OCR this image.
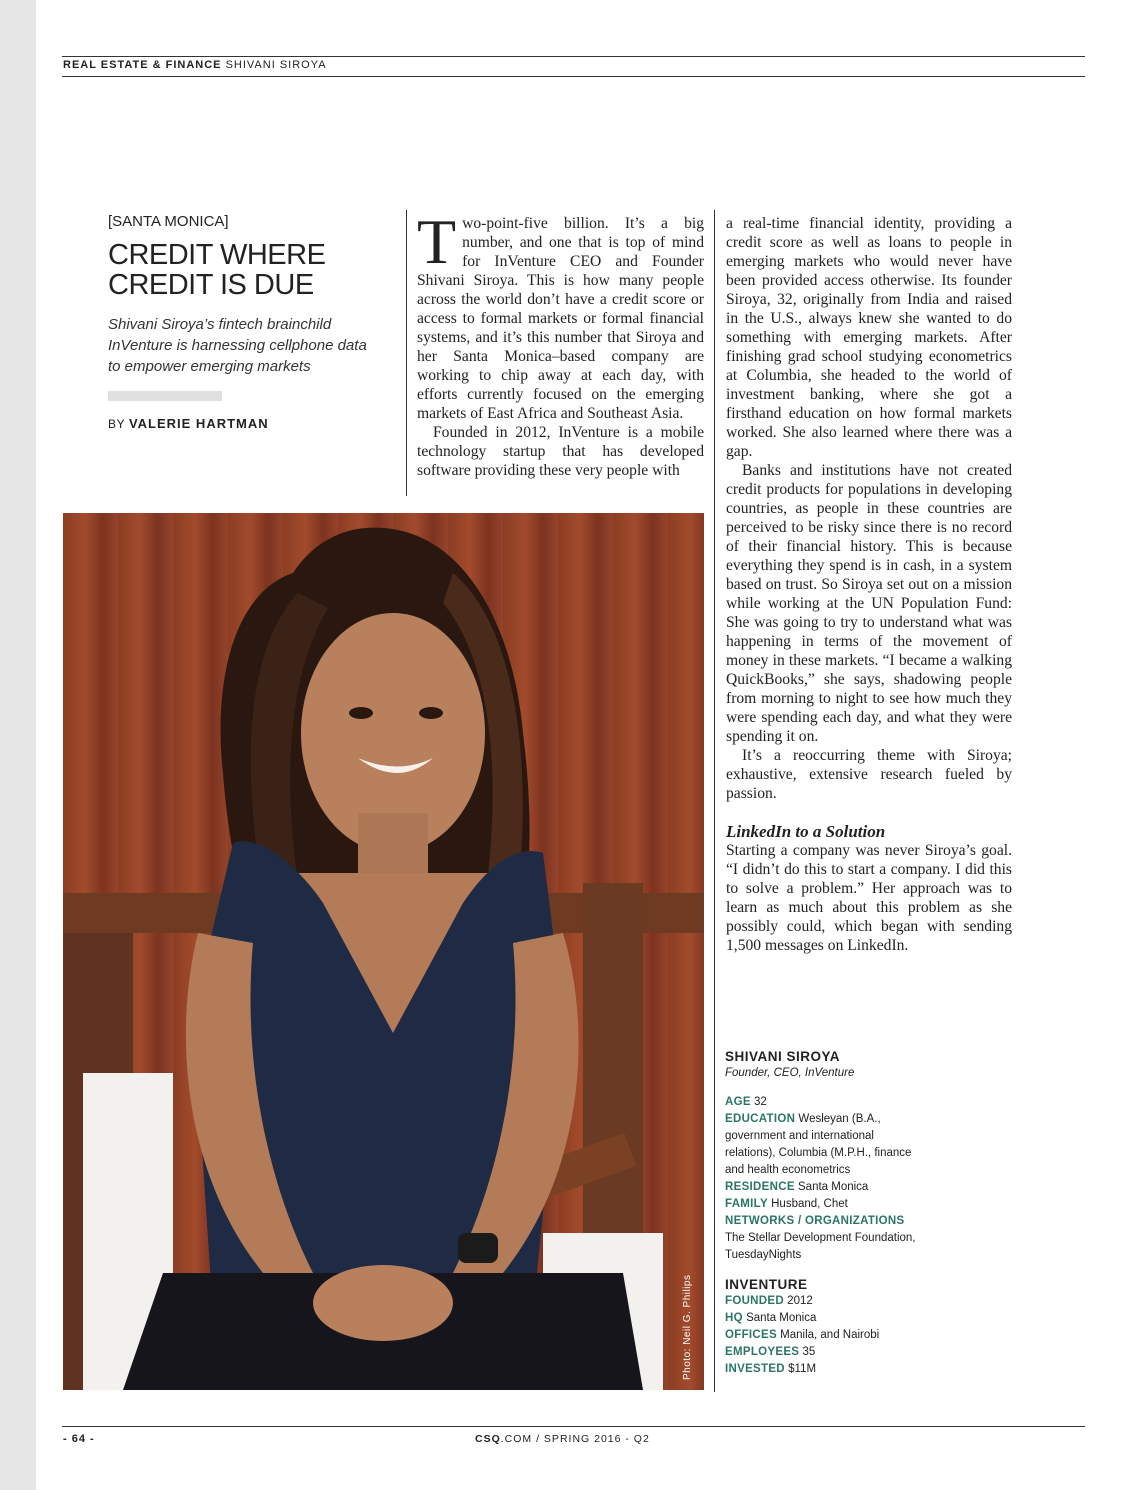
REAL ESTATE & FINANCE SHIVANI SIROYA
[SANTA MONICA]
CREDIT WHERE
CREDIT IS DUE
Shivani Siroya’s fintech brainchild InVenture is harnessing cellphone data to empower emerging markets
BY VALERIE HARTMAN

Two-point-five billion. It’s a big number, and one that is top of mind for InVenture CEO and Founder Shivani Siroya. This is how many people across the world don’t have a credit score or access to formal markets or formal financial systems, and it’s this number that Siroya and her Santa Monica–based company are working to chip away at each day, with efforts currently focused on the emerging markets of East Africa and Southeast Asia.

Founded in 2012, InVenture is a mobile technology startup that has developed software providing these very people with

a real-time financial identity, providing a credit score as well as loans to people in emerging markets who would never have been provided access otherwise. Its founder Siroya, 32, originally from India and raised in the U.S., always knew she wanted to do something with emerging markets. After finishing grad school studying econometrics at Columbia, she headed to the world of investment banking, where she got a firsthand education on how formal markets worked. She also learned where there was a gap.

Banks and institutions have not created credit products for populations in developing countries, as people in these countries are perceived to be risky since there is no record of their financial history. This is because everything they spend is in cash, in a system based on trust. So Siroya set out on a mission while working at the UN Population Fund: She was going to try to understand what was happening in terms of the movement of money in these markets. “I became a walking QuickBooks,” she says, shadowing people from morning to night to see how much they were spending each day, and what they were spending it on.

It’s a reoccurring theme with Siroya; exhaustive, extensive research fueled by passion.

LinkedIn to a Solution

Starting a company was never Siroya’s goal. “I didn’t do this to start a company. I did this to solve a problem.” Her approach was to learn as much about this problem as she possibly could, which began with sending 1,500 messages on LinkedIn.

Photo: Neil G. Philips
SHIVANI SIROYA
Founder, CEO, InVenture
AGE 32
EDUCATION Wesleyan (B.A., government and international relations), Columbia (M.P.H., finance and health econometrics
RESIDENCE Santa Monica
FAMILY Husband, Chet
NETWORKS / ORGANIZATIONS
The Stellar Development Foundation, TuesdayNights
INVENTURE
FOUNDED 2012
HQ Santa Monica
OFFICES Manila, and Nairobi
EMPLOYEES 35
INVESTED $11M
- 64 -	CSQ.COM / SPRING 2016 - Q2
